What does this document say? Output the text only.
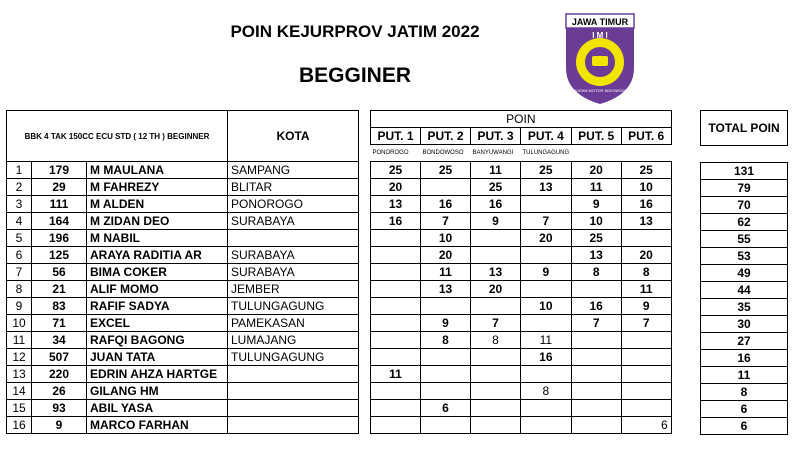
POIN KEJURPROV JATIM 2022
BEGGINER
JAWA TIMUR
I M I
IKATAN MOTOR INDONESIA
BBK 4 TAK 150CC ECU STD ( 12 TH ) BEGINNER			KOTA
1	179	M MAULANA	SAMPANG
2	29	M FAHREZY	BLITAR
3	111	M ALDEN	PONOROGO
4	164	M ZIDAN DEO	SURABAYA
5	196	M NABIL	
6	125	ARAYA RADITIA AR	SURABAYA
7	56	BIMA COKER	SURABAYA
8	21	ALIF MOMO	JEMBER
9	83	RAFIF SADYA	TULUNGAGUNG
10	71	EXCEL	PAMEKASAN
11	34	RAFQI BAGONG	LUMAJANG
12	507	JUAN TATA	TULUNGAGUNG
13	220	EDRIN AHZA HARTGE	
14	26	GILANG HM	
15	93	ABIL YASA	
16	9	MARCO FARHAN	
POIN					
PUT. 1	PUT. 2	PUT. 3	PUT. 4	PUT. 5	PUT. 6
PONOROGO	BONDOWOSO	BANYUWANGI	TULUNGAGUNG		
25	25	11	25	20	25
20		25	13	11	10
13	16	16		9	16
16	7	9	7	10	13
	10		20	25	
	20			13	20
	11	13	9	8	8
	13	20			11
			10	16	9
	9	7		7	7
	8	8	11		
			16		
11					
			8		
	6				
					6
TOTAL POIN

131
79
70
62
55
53
49
44
35
30
27
16
11
8
6
6
